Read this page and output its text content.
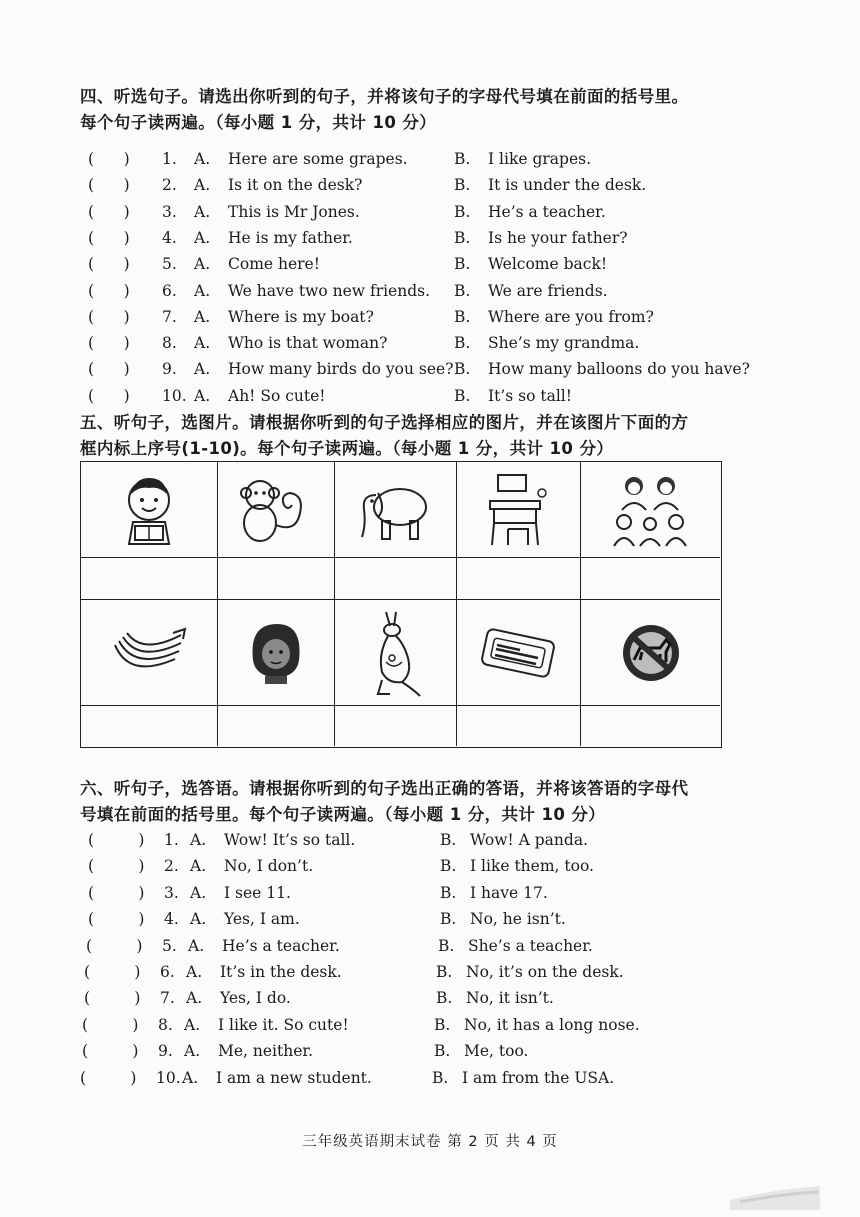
四、听选句子。请选出你听到的句子，并将该句子的字母代号填在前面的括号里。
每个句子读两遍。（每小题 1 分，共计 10 分）
(      ) 1. A. Here are some grapes.	B. I like grapes.
(      ) 2. A. Is it on the desk?	B. It is under the desk.
(      ) 3. A. This is Mr Jones.	B. He’s a teacher.
(      ) 4. A. He is my father.	B. Is he your father?
(      ) 5. A. Come here!	B. Welcome back!
(      ) 6. A. We have two new friends. B. We are friends.
(      ) 7. A. Where is my boat?	B. Where are you from?
(      ) 8. A. Who is that woman?	B. She’s my grandma.
(      ) 9. A. How many birds do you see? B. How many balloons do you have?
(      ) 10. A. Ah! So cute!	B. It’s so tall!
五、听句子，选图片。请根据你听到的句子选择相应的图片，并在该图片下面的方
框内标上序号(1-10)。每个句子读两遍。（每小题 1 分，共计 10 分）
六、听句子，选答语。请根据你听到的句子选出正确的答语，并将该答语的字母代
号填在前面的括号里。每个句子读两遍。（每小题 1 分，共计 10 分）
(         ) 1. A. Wow! It’s so tall.	B. Wow! A panda.
(         ) 2. A. No, I don’t.	B. I like them, too.
(         ) 3. A. I see 11.	B. I have 17.
(         ) 4. A. Yes, I am.	B. No, he isn’t.
(         ) 5. A. He’s a teacher.	B. She’s a teacher.
(         ) 6. A. It’s in the desk.	B. No, it’s on the desk.
(         ) 7. A. Yes, I do.	B. No, it isn’t.
(         ) 8. A. I like it. So cute!	B. No, it has a long nose.
(         ) 9. A. Me, neither.	B. Me, too.
(         ) 10. A. I am a new student.	B. I am from the USA.
三年级英语期末试卷 第 2 页 共 4 页
